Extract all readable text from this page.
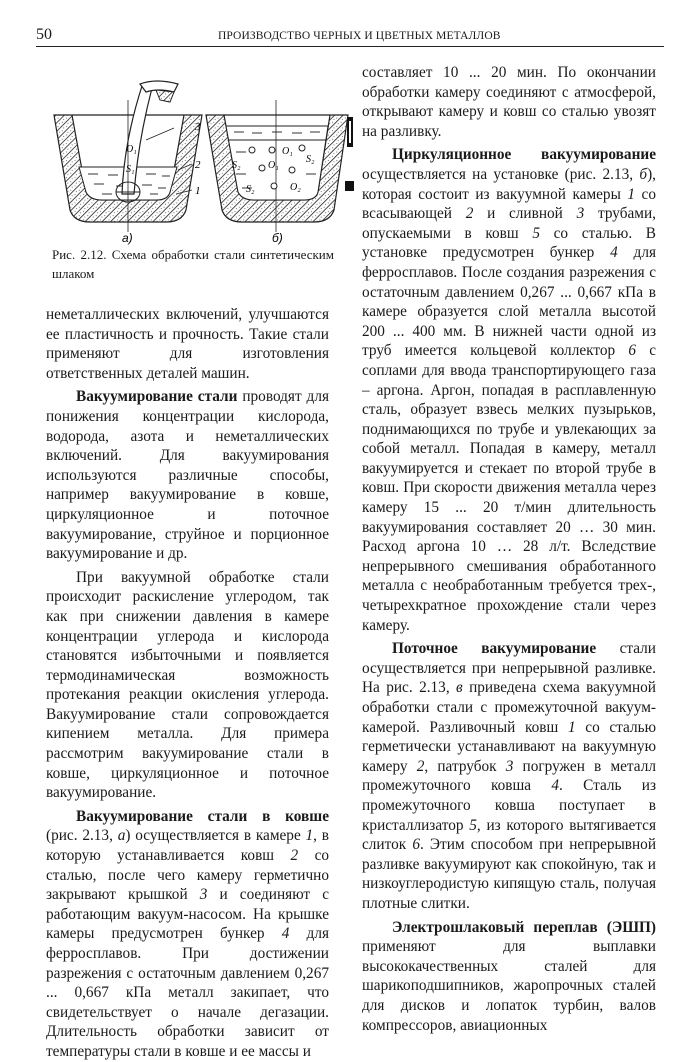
50	ПРОИЗВОДСТВО ЧЕРНЫХ И ЦВЕТНЫХ МЕТАЛЛОВ
O₁
S₁
3
2
1
а)
O₁
S₂
S₂	O₁
S₂	O₂
б)
Рис. 2.12. Схема обработки стали синтетическим шлаком

неметаллических включений, улучшаются ее пластичность и прочность. Такие стали применяют для изготовления ответственных деталей машин.

Вакуумирование стали проводят для понижения концентрации кислорода, водорода, азота и неметаллических включений. Для вакуумирования используются различные способы, например вакуумирование в ковше, циркуляционное и поточное вакуумирование, струйное и порционное вакуумирование и др.

При вакуумной обработке стали происходит раскисление углеродом, так как при снижении давления в камере концентрации углерода и кислорода становятся избыточными и появляется термодинамическая возможность протекания реакции окисления углерода. Вакуумирование стали сопровождается кипением металла. Для примера рассмотрим вакуумирование стали в ковше, циркуляционное и поточное вакуумирование.

Вакуумирование стали в ковше (рис. 2.13, а) осуществляется в камере 1, в которую устанавливается ковш 2 со сталью, после чего камеру герметично закрывают крышкой 3 и соединяют с работающим вакуум-насосом. На крышке камеры предусмотрен бункер 4 для ферросплавов. При достижении разрежения с остаточным давлением 0,267 ... 0,667 кПа металл закипает, что свидетельствует о начале дегазации. Длительность обработки зависит от температуры стали в ковше и ее массы и

составляет 10 ... 20 мин. По окончании обработки камеру соединяют с атмосферой, открывают камеру и ковш со сталью увозят на разливку.

Циркуляционное вакуумирование осуществляется на установке (рис. 2.13, б), которая состоит из вакуумной камеры 1 со всасывающей 2 и сливной 3 трубами, опускаемыми в ковш 5 со сталью. В установке предусмотрен бункер 4 для ферросплавов. После создания разрежения с остаточным давлением 0,267 ... 0,667 кПа в камере образуется слой металла высотой 200 ... 400 мм. В нижней части одной из труб имеется кольцевой коллектор 6 с соплами для ввода транспортирующего газа – аргона. Аргон, попадая в расплавленную сталь, образует взвесь мелких пузырьков, поднимающихся по трубе и увлекающих за собой металл. Попадая в камеру, металл вакуумируется и стекает по второй трубе в ковш. При скорости движения металла через камеру 15 ... 20 т/мин длительность вакуумирования составляет 20 … 30 мин. Расход аргона 10 … 28 л/т. Вследствие непрерывного смешивания обработанного металла с необработанным требуется трех-, четырехкратное прохождение стали через камеру.

Поточное вакуумирование стали осуществляется при непрерывной разливке. На рис. 2.13, в приведена схема вакуумной обработки стали с промежуточной вакуум-камерой. Разливочный ковш 1 со сталью герметически устанавливают на вакуумную камеру 2, патрубок 3 погружен в металл промежуточного ковша 4. Сталь из промежуточного ковша поступает в кристаллизатор 5, из которого вытягивается слиток 6. Этим способом при непрерывной разливке вакуумируют как спокойную, так и низкоуглеродистую кипящую сталь, получая плотные слитки.

Электрошлаковый переплав (ЭШП) применяют для выплавки высококачественных сталей для шарикоподшипников, жаропрочных сталей для дисков и лопаток турбин, валов компрессоров, авиационных
